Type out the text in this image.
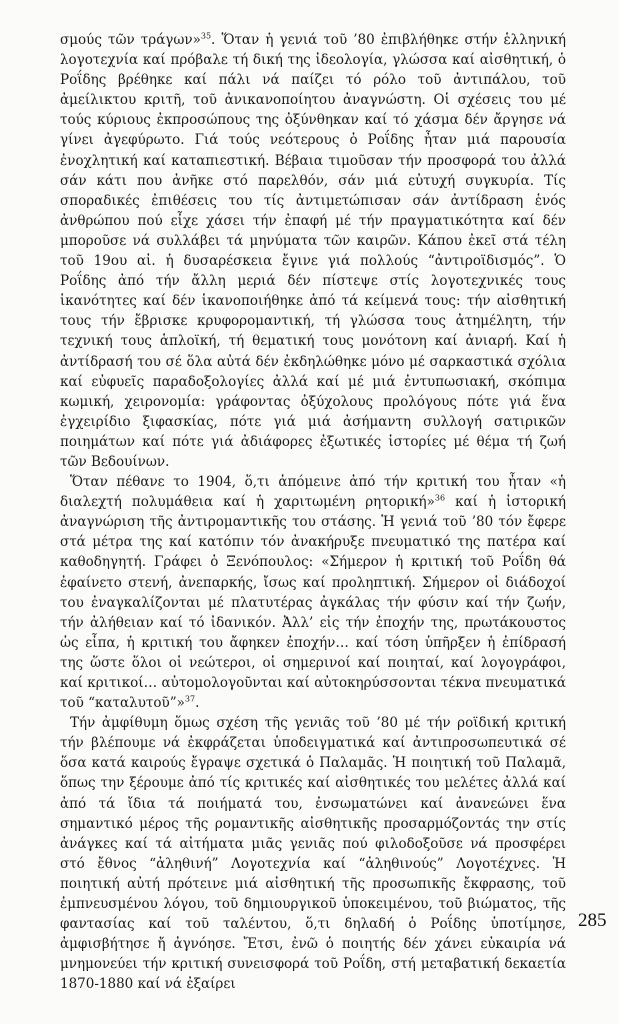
σμούς τῶν τράγων»$^{35}$. Ὅταν ἡ γενιά τοῦ ’80 ἐπιβλήθηκε στήν ἑλληνική λογοτεχνία καί πρόβαλε τή δική της ἰδεολογία, γλώσσα καί αἰσθητική, ὁ Ροΐδης βρέθηκε καί πάλι νά παίζει τό ρόλο τοῦ ἀντιπάλου, τοῦ ἀμείλικτου κριτῆ, τοῦ ἀνικανοποίητου ἀναγνώστη. Οἱ σχέσεις του μέ τούς κύριους ἐκπροσώπους της ὀξύνθηκαν καί τό χάσμα δέν ἄργησε νά γίνει ἀγεφύρωτο. Γιά τούς νεότερους ὁ Ροΐδης ἦταν μιά παρουσία ἐνοχλητική καί καταπιεστική. Βέβαια τιμοῦσαν τήν προσφορά του ἀλλά σάν κάτι που ἀνῆκε στό παρελθόν, σάν μιά εὐτυχή συγκυρία. Τίς σποραδικές ἐπιθέσεις του τίς ἀντιμετώπισαν σάν ἀντίδραση ἑνός ἀνθρώπου πού εἶχε χάσει τήν ἐπαφή μέ τήν πραγματικότητα καί δέν μποροῦσε νά συλλάβει τά μηνύματα τῶν καιρῶν. Κάπου ἐκεῖ στά τέλη τοῦ 19ου αἰ. ἡ δυσαρέσκεια ἔγινε γιά πολλούς “ἀντιροϊδισμός”. Ὁ Ροΐδης ἀπό τήν ἄλλη μεριά δέν πίστεψε στίς λογοτεχνικές τους ἱκανότητες καί δέν ἱκανοποιήθηκε ἀπό τά κείμενά τους: τήν αἰσθητική τους τήν ἔβρισκε κρυφορομαντική, τή γλώσσα τους ἀτημέλητη, τήν τεχνική τους ἁπλοϊκή, τή θεματική τους μονότονη καί ἀνιαρή. Καί ἡ ἀντίδρασή του σέ ὅλα αὐτά δέν ἐκδηλώθηκε μόνο μέ σαρκαστικά σχόλια καί εὐφυεῖς παραδοξολογίες ἀλλά καί μέ μιά ἐντυπωσιακή, σκόπιμα κωμική, χειρονομία: γράφοντας ὀξύχολους προλόγους πότε γιά ἕνα ἐγχειρίδιο ξιφασκίας, πότε γιά μιά ἀσήμαντη συλλογή σατιρικῶν ποιημάτων καί πότε γιά ἀδιάφορες ἐξωτικές ἱστορίες μέ θέμα τή ζωή τῶν Βεδουίνων.

Ὅταν πέθανε το 1904, ὅ,τι ἀπόμεινε ἀπό τήν κριτική του ἦταν «ἡ διαλεχτή πολυμάθεια καί ἡ χαριτωμένη ρητορική»$^{36}$ καί ἡ ἱστορική ἀναγνώριση τῆς ἀντιρομαντικῆς του στάσης. Ἡ γενιά τοῦ ’80 τόν ἔφερε στά μέτρα της καί κατόπιν τόν ἀνακήρυξε πνευματικό της πατέρα καί καθοδηγητή. Γράφει ὁ Ξενόπουλος: «Σήμερον ἡ κριτική τοῦ Ροΐδη θά ἐφαίνετο στενή, ἀνεπαρκής, ἴσως καί προληπτική. Σήμερον οἱ διάδοχοί του ἐναγκαλίζονται μέ πλατυτέρας ἀγκάλας τήν φύσιν καί τήν ζωήν, τήν ἀλήθειαν καί τό ἰδανικόν. Ἀλλ’ εἰς τήν ἐποχήν της, πρωτάκουστος ὡς εἶπα, ἡ κριτική του ἄφηκεν ἐποχήν… καί τόση ὑπῆρξεν ἡ ἐπίδρασή της ὥστε ὅλοι οἱ νεώτεροι, οἱ σημερινοί καί ποιηταί, καί λογογράφοι, καί κριτικοί… αὐτομολογοῦνται καί αὐτοκηρύσσονται τέκνα πνευματικά τοῦ “καταλυτοῦ”»$^{37}$.

Τήν ἀμφίθυμη ὅμως σχέση τῆς γενιᾶς τοῦ ’80 μέ τήν ροϊδική κριτική τήν βλέπουμε νά ἐκφράζεται ὑποδειγματικά καί ἀντιπροσωπευτικά σέ ὅσα κατά καιρούς ἔγραψε σχετικά ὁ Παλαμᾶς. Ἡ ποιητική τοῦ Παλαμᾶ, ὅπως την ξέρουμε ἀπό τίς κριτικές καί αἰσθητικές του μελέτες ἀλλά καί ἀπό τά ἴδια τά ποιήματά του, ἐνσωματώνει καί ἀνανεώνει ἕνα σημαντικό μέρος τῆς ρομαντικῆς αἰσθητικῆς προσαρμόζοντάς την στίς ἀνάγκες καί τά αἰτήματα μιᾶς γενιᾶς πού φιλοδοξοῦσε νά προσφέρει στό ἔθνος “ἀληθινή” Λογοτεχνία καί “ἀληθινούς” Λογοτέχνες. Ἡ ποιητική αὐτή πρότεινε μιά αἰσθητική τῆς προσωπικῆς ἔκφρασης, τοῦ ἐμπνευσμένου λόγου, τοῦ δημιουργικοῦ ὑποκειμένου, τοῦ βιώματος, τῆς φαντασίας καί τοῦ ταλέντου, ὅ,τι δηλαδή ὁ Ροΐδης ὑποτίμησε, ἀμφισβήτησε ἤ ἀγνόησε. Ἔτσι, ἐνῶ ὁ ποιητής δέν χάνει εὐκαιρία νά μνημονεύει τήν κριτική συνεισφορά τοῦ Ροΐδη, στή μεταβατική δεκαετία 1870-1880 καί νά ἐξαίρει

285
